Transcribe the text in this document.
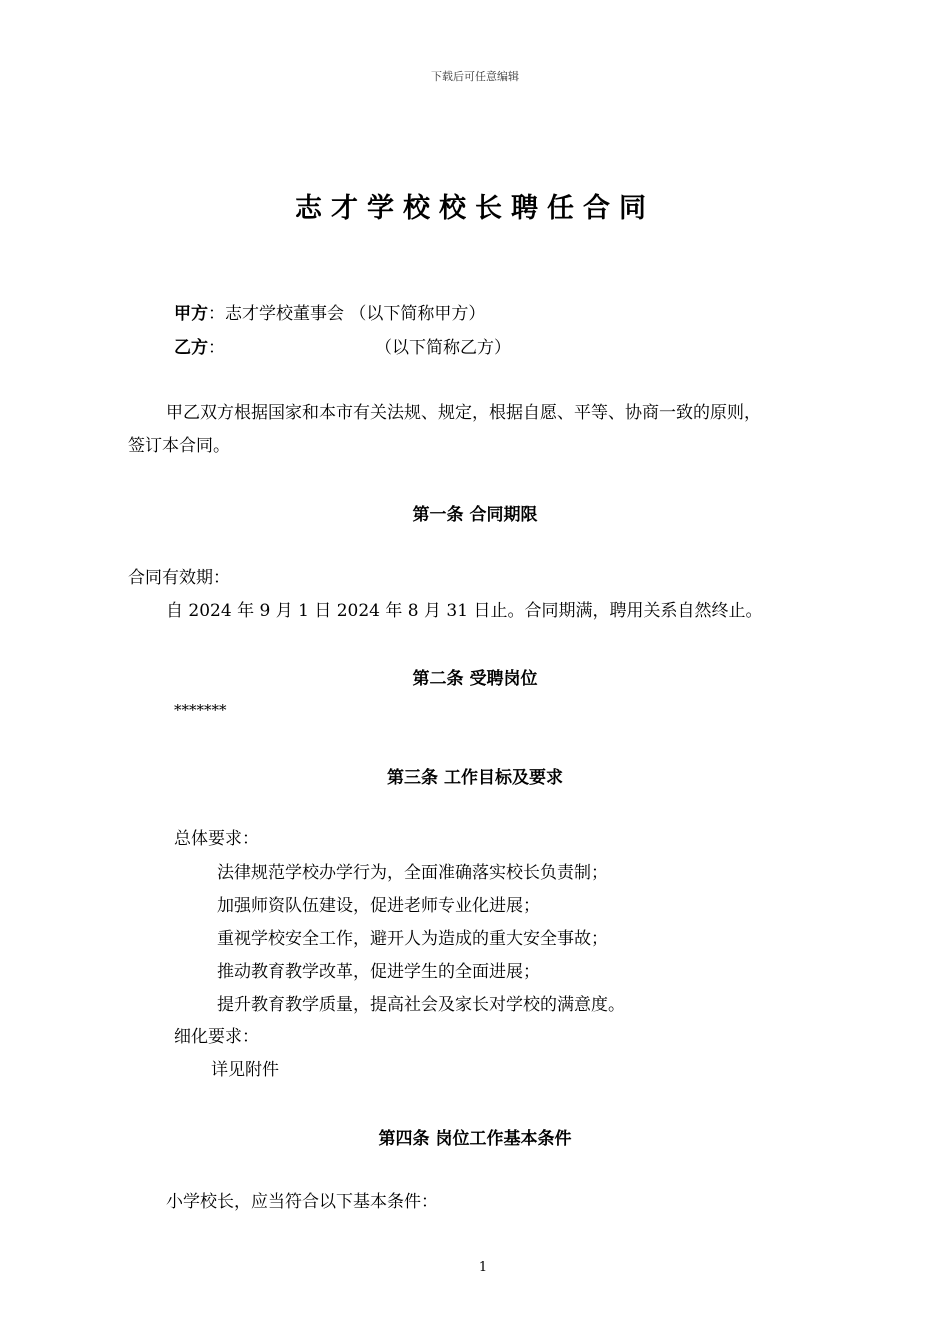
下载后可任意编辑
志才学校校长聘任合同
甲方：志才学校董事会 （以下简称甲方）
乙方：	（以下简称乙方）
甲乙双方根据国家和本市有关法规、规定，根据自愿、平等、协商一致的原则，
签订本合同。
第一条 合同期限
合同有效期：
自 2024 年 9 月 1 日 2024 年 8 月 31 日止。合同期满，聘用关系自然终止。
第二条 受聘岗位
*******
第三条 工作目标及要求
总体要求：
法律规范学校办学行为，全面准确落实校长负责制；
加强师资队伍建设，促进老师专业化进展；
重视学校安全工作，避开人为造成的重大安全事故；
推动教育教学改革，促进学生的全面进展；
提升教育教学质量，提高社会及家长对学校的满意度。
细化要求：
详见附件
第四条 岗位工作基本条件
小学校长，应当符合以下基本条件：
1
